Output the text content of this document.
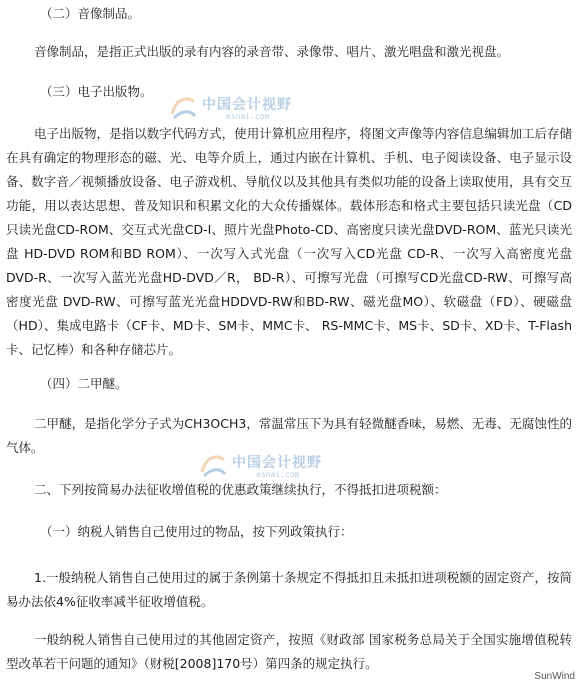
中国会计视野
esnai.com
中国会计视野
esnai.com
（二）音像制品。
音像制品，是指正式出版的录有内容的录音带、录像带、唱片、激光唱盘和激光视盘。
（三）电子出版物。
电子出版物，是指以数字代码方式，使用计算机应用程序，将图文声像等内容信息编辑加工后存储在具有确定的物理形态的磁、光、电等介质上，通过内嵌在计算机、手机、电子阅读设备、电子显示设备、数字音／视频播放设备、电子游戏机、导航仪以及其他具有类似功能的设备上读取使用，具有交互功能，用以表达思想、普及知识和积累文化的大众传播媒体。载体形态和格式主要包括只读光盘（CD只读光盘CD-ROM、交互式光盘CD-I、照片光盘Photo-CD、高密度只读光盘DVD-ROM、蓝光只读光盘 HD-DVD ROM和BD ROM）、一次写入式光盘（一次写入CD光盘 CD-R、一次写入高密度光盘DVD-R、一次写入蓝光光盘HD-DVD／R， BD-R）、可擦写光盘（可擦写CD光盘CD-RW、可擦写高密度光盘 DVD-RW、可擦写蓝光光盘HDDVD-RW和BD-RW、磁光盘MO）、软磁盘（FD）、硬磁盘（HD）、集成电路卡（CF卡、MD卡、SM卡、MMC卡、 RS-MMC卡、MS卡、SD卡、XD卡、T-Flash卡、记忆棒）和各种存储芯片。
（四）二甲醚。
二甲醚，是指化学分子式为CH3OCH3，常温常压下为具有轻微醚香味，易燃、无毒、无腐蚀性的气体。
二、下列按简易办法征收增值税的优惠政策继续执行，不得抵扣进项税额：
（一）纳税人销售自己使用过的物品，按下列政策执行：
1.一般纳税人销售自己使用过的属于条例第十条规定不得抵扣且未抵扣进项税额的固定资产，按简易办法依4%征收率减半征收增值税。
一般纳税人销售自己使用过的其他固定资产，按照《财政部 国家税务总局关于全国实施增值税转型改革若干问题的通知》（财税[2008]170号）第四条的规定执行。
SunWind
